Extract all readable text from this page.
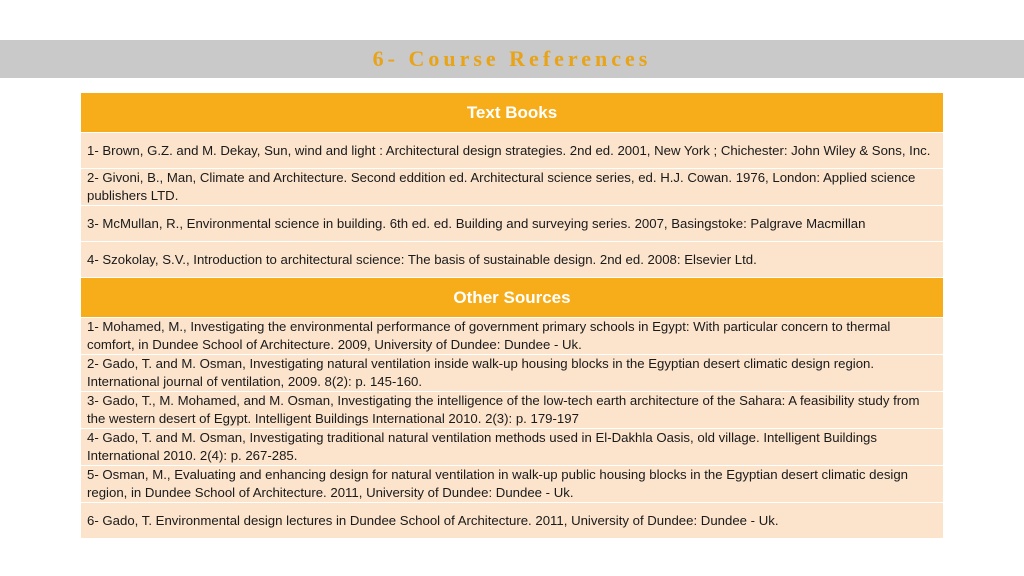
6- Course References
Text Books
1- Brown, G.Z. and M. Dekay, Sun, wind and light : Architectural design strategies. 2nd ed. 2001, New York ; Chichester: John Wiley & Sons, Inc.
2- Givoni, B., Man, Climate and Architecture. Second eddition ed. Architectural science series, ed. H.J. Cowan. 1976, London: Applied science publishers LTD.
3- McMullan, R., Environmental science in building. 6th ed. ed. Building and surveying series. 2007, Basingstoke: Palgrave Macmillan
4- Szokolay, S.V., Introduction to architectural science: The basis of sustainable design. 2nd ed. 2008: Elsevier Ltd.
Other Sources
1- Mohamed, M., Investigating the environmental performance of government primary schools in Egypt: With particular concern to thermal comfort, in Dundee School of Architecture. 2009, University of Dundee: Dundee - Uk.
2- Gado, T. and M. Osman, Investigating natural ventilation inside walk-up housing blocks in the Egyptian desert climatic design region. International journal of ventilation, 2009. 8(2): p. 145-160.
3- Gado, T., M. Mohamed, and M. Osman, Investigating the intelligence of the low-tech earth architecture of the Sahara: A feasibility study from the western desert of Egypt. Intelligent Buildings International 2010. 2(3): p. 179-197
4- Gado, T. and M. Osman, Investigating traditional natural ventilation methods used in El-Dakhla Oasis, old village. Intelligent Buildings International 2010. 2(4): p. 267-285.
5- Osman, M., Evaluating and enhancing design for natural ventilation in walk-up public housing blocks in the Egyptian desert climatic design region, in Dundee School of Architecture. 2011, University of Dundee: Dundee - Uk.
6- Gado, T. Environmental design lectures in Dundee School of Architecture. 2011, University of Dundee: Dundee - Uk.
